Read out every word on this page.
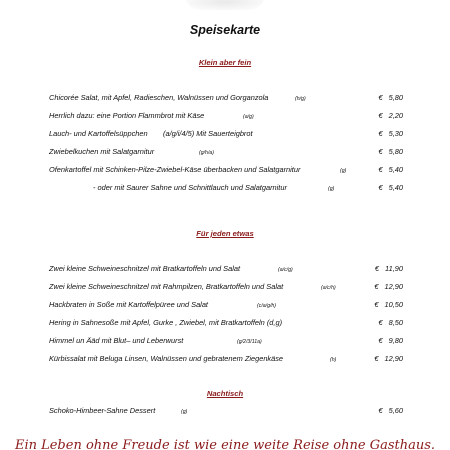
Speisekarte
Klein aber fein
Chicorée Salat, mit Apfel, Radieschen, Walnüssen und Gorganzola	(h/g)	€ 5,80
Herrlich dazu: eine Portion Flammbrot mit Käse	(a/g)	€ 2,20
Lauch- und Kartoffelsüppchen (a/g/i/4/5) Mit Sauerteigbrot	€ 5,30
Zwiebelkuchen mit Salatgarnitur	(g/h/a)	€ 5,80
Ofenkartoffel mit Schinken-Pilze-Zwiebel-Käse überbacken und Salatgarnitur	(g)	€ 5,40
- oder mit Saurer Sahne und Schnittlauch und Salatgarnitur	(g)	€ 5,40
Für jeden etwas
Zwei kleine Schweineschnitzel mit Bratkartoffeln und Salat	(a/c/g)	€ 11,90
Zwei kleine Schweineschnitzel mit Rahmpilzen, Bratkartoffeln und Salat	(a/c/h)	€ 12,90
Hackbraten in Soße mit Kartoffelpüree und Salat	(c/a/g/h)	€ 10,50
Hering in Sahnesoße mit Apfel, Gurke , Zwiebel, mit Bratkartoffeln (d,g)	€ 8,50
Himmel un Ääd mit Blut– und Leberwurst	(g/2/3/11a)	€ 9,80
Kürbissalat mit Beluga Linsen, Walnüssen und gebratenem Ziegenkäse	(h)	€ 12,90
Nachtisch
Schoko-Himbeer-Sahne Dessert	(g)	€ 5,60
Ein Leben ohne Freude ist wie eine weite Reise ohne Gasthaus.
